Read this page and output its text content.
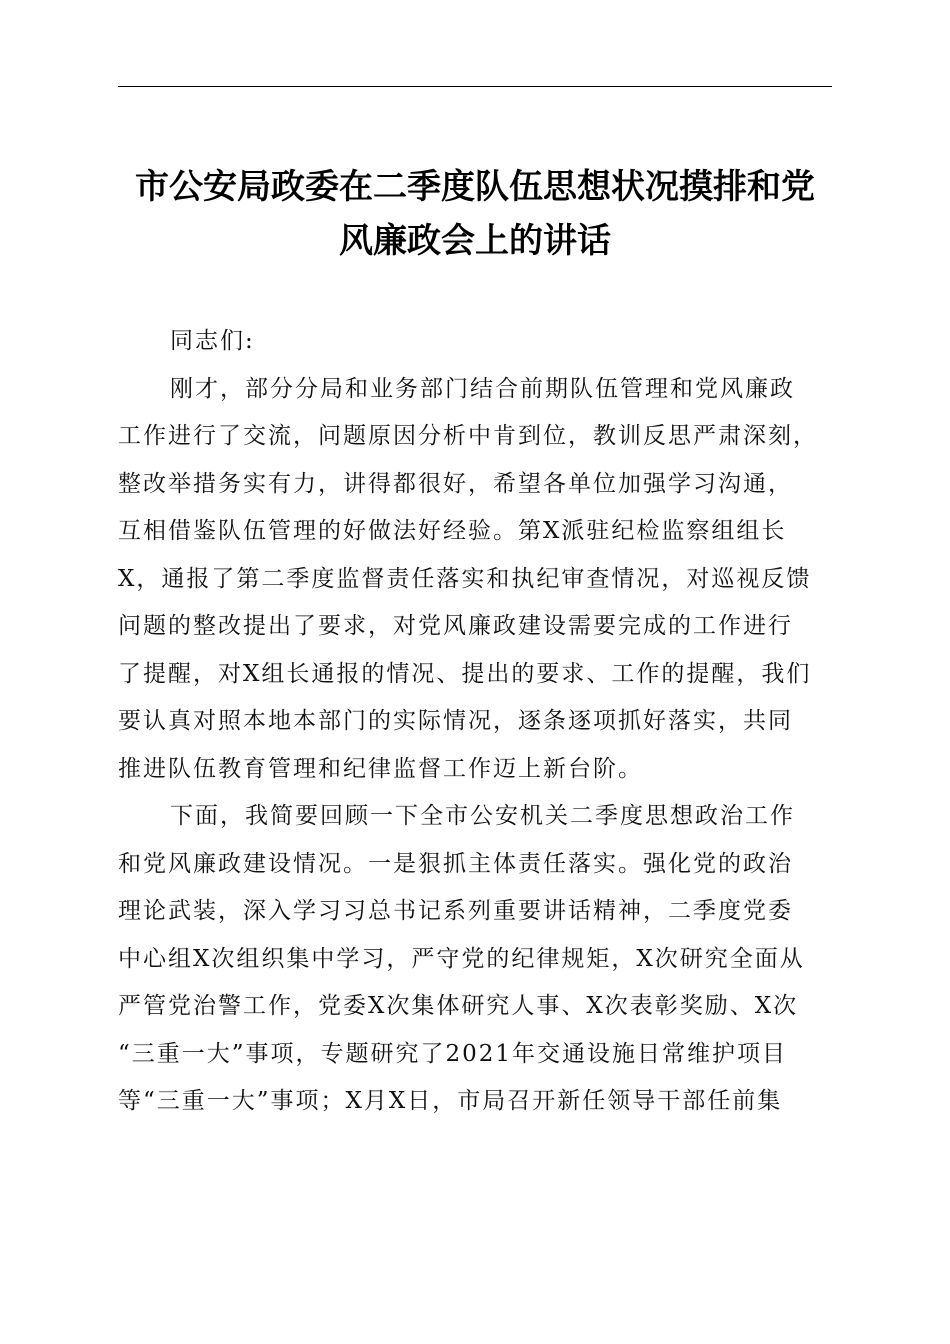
市公安局政委在二季度队伍思想状况摸排和党
风廉政会上的讲话
同志们:
刚才，部分分局和业务部门结合前期队伍管理和党风廉政
工作进行了交流，问题原因分析中肯到位，教训反思严肃深刻，
整改举措务实有力，讲得都很好，希望各单位加强学习沟通，
互相借鉴队伍管理的好做法好经验。第X派驻纪检监察组组长
X，通报了第二季度监督责任落实和执纪审查情况，对巡视反馈
问题的整改提出了要求，对党风廉政建设需要完成的工作进行
了提醒，对X组长通报的情况、提出的要求、工作的提醒，我们
要认真对照本地本部门的实际情况，逐条逐项抓好落实，共同
推进队伍教育管理和纪律监督工作迈上新台阶。
下面，我简要回顾一下全市公安机关二季度思想政治工作
和党风廉政建设情况。一是狠抓主体责任落实。强化党的政治
理论武装，深入学习习总书记系列重要讲话精神，二季度党委
中心组X次组织集中学习，严守党的纪律规矩，X次研究全面从
严管党治警工作，党委X次集体研究人事、X次表彰奖励、X次
“三重一大”事项，专题研究了2021年交通设施日常维护项目
等“三重一大”事项；X月X日，市局召开新任领导干部任前集
